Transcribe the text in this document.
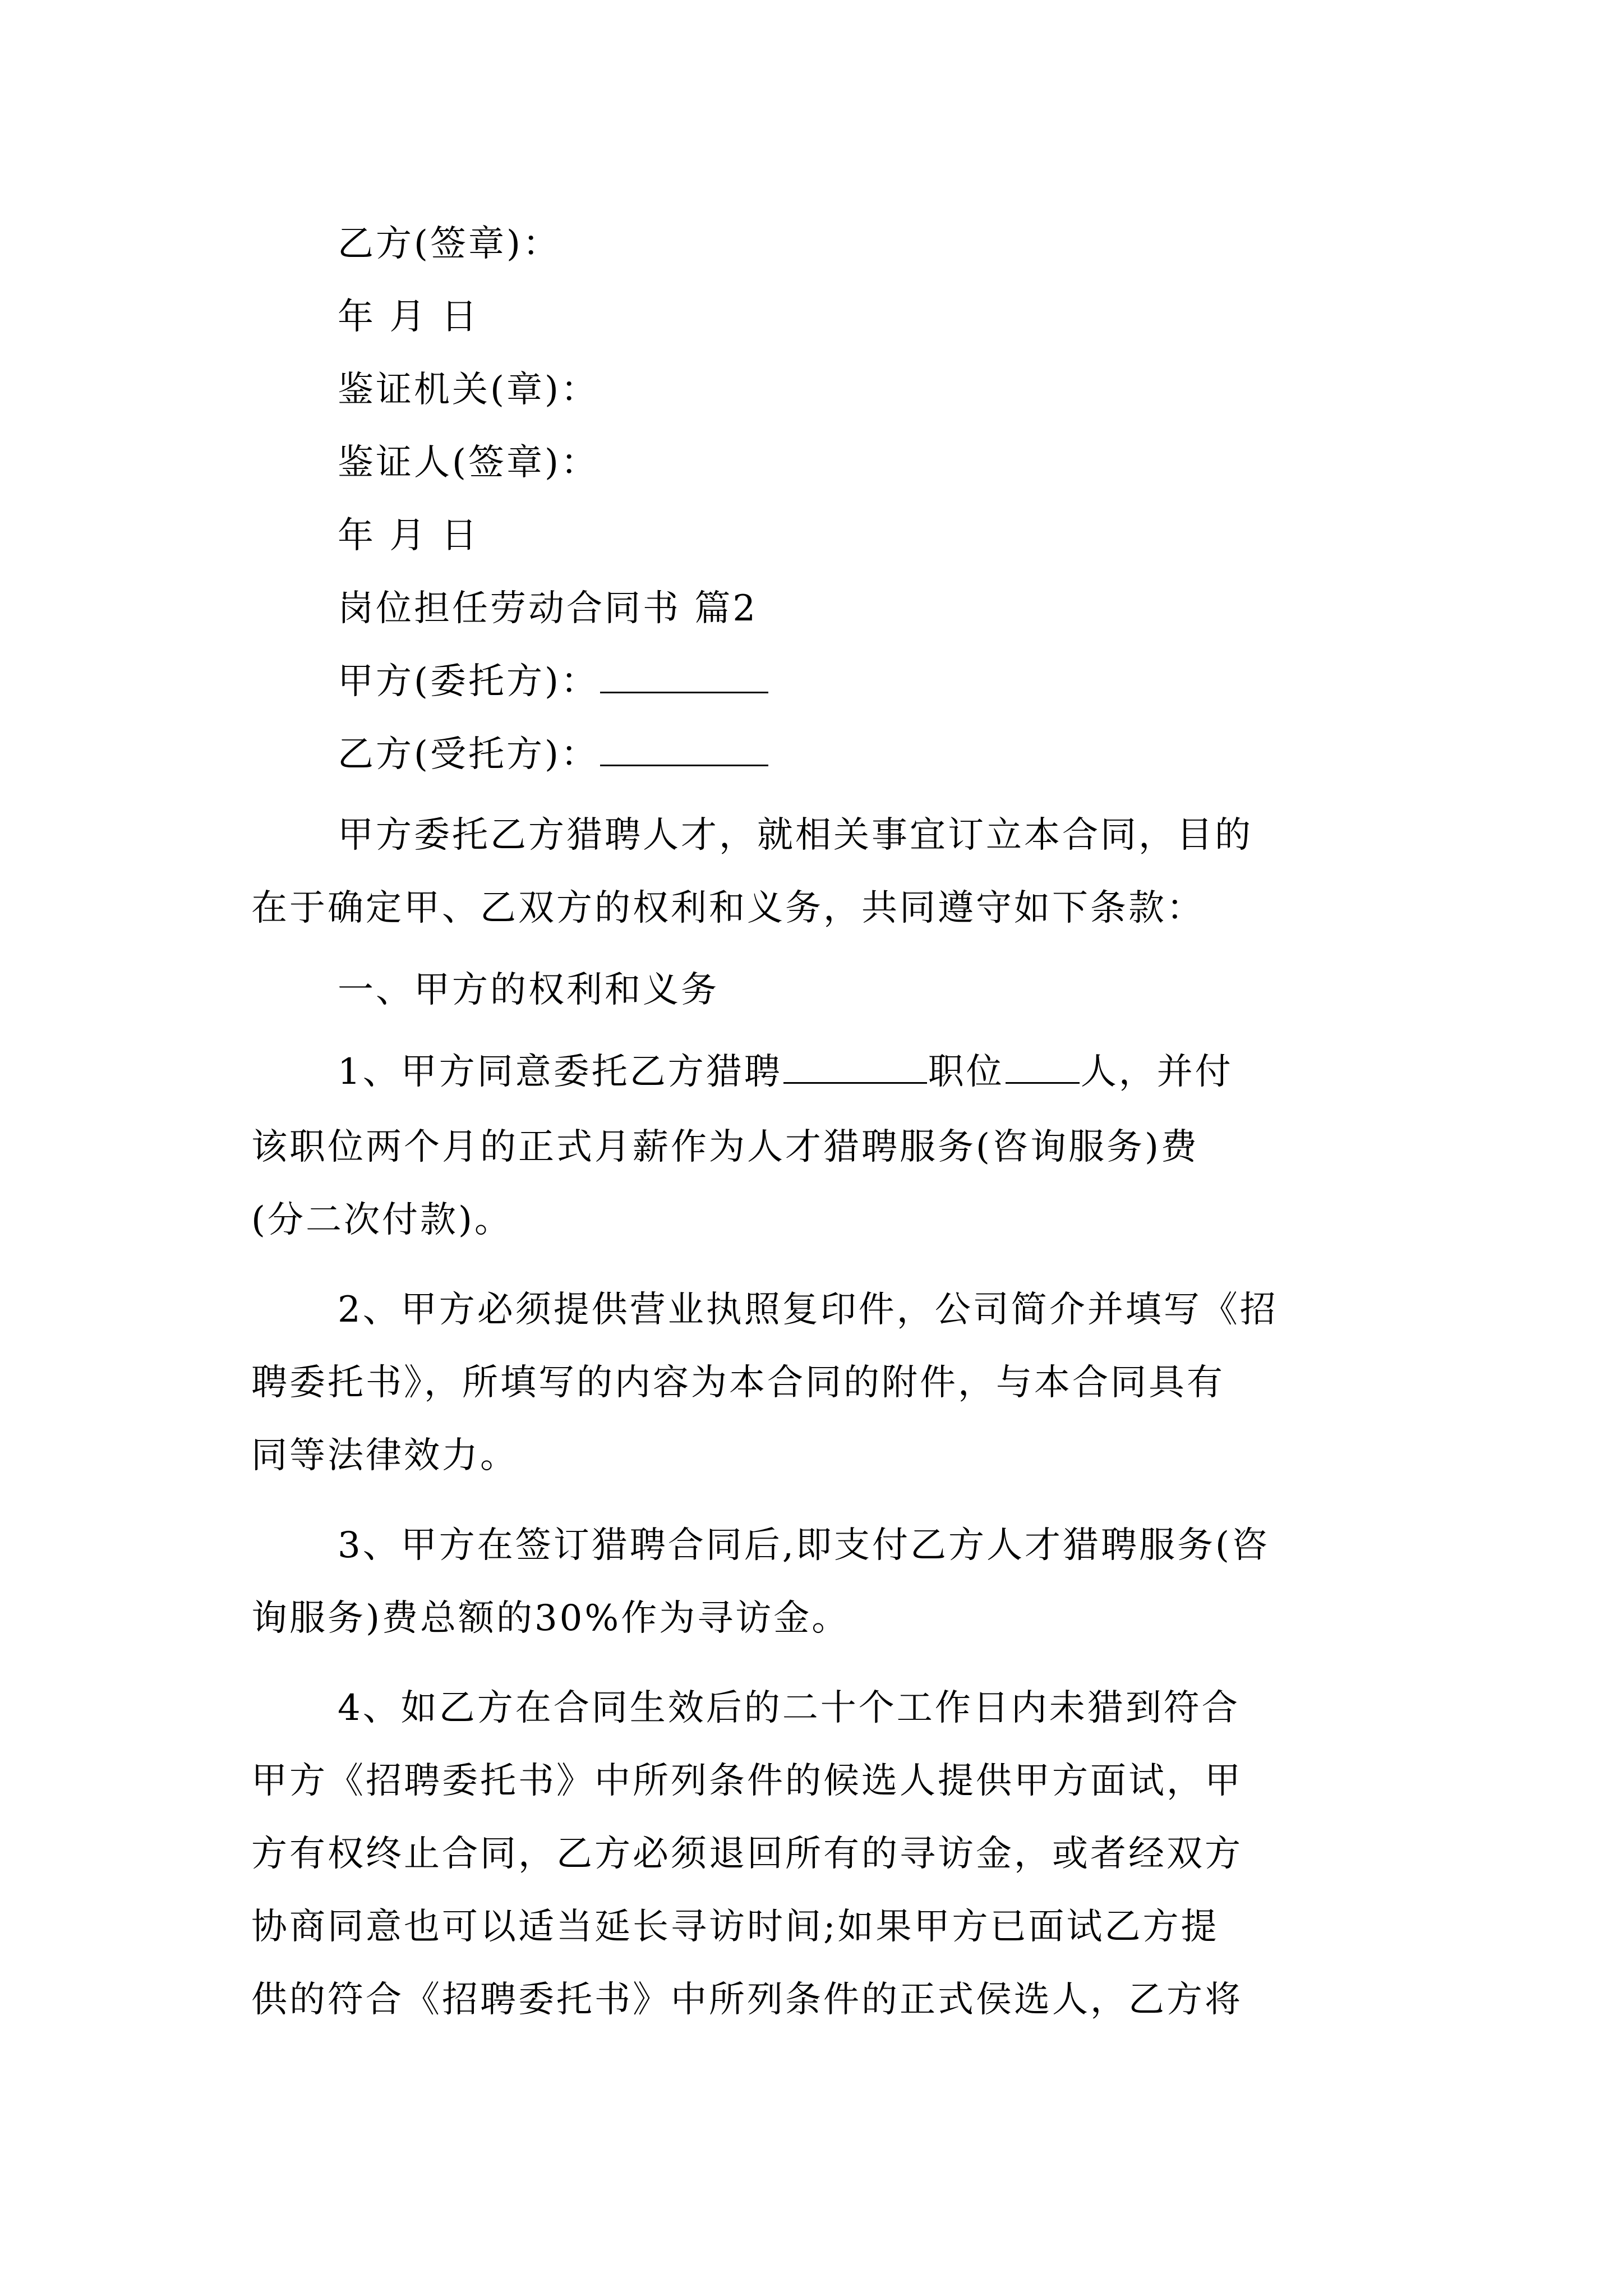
乙方(签章)：
年 月 日
鉴证机关(章)：
鉴证人(签章)：
年 月 日
岗位担任劳动合同书 篇2
甲方(委托方)：
乙方(受托方)：
甲方委托乙方猎聘人才，就相关事宜订立本合同，目的
在于确定甲、乙双方的权利和义务，共同遵守如下条款：
一、甲方的权利和义务
1、甲方同意委托乙方猎聘	职位 人，并付
该职位两个月的正式月薪作为人才猎聘服务(咨询服务)费
(分二次付款)。
2、甲方必须提供营业执照复印件，公司简介并填写《招
聘委托书》，所填写的内容为本合同的附件，与本合同具有
同等法律效力。
3、甲方在签订猎聘合同后,即支付乙方人才猎聘服务(咨
询服务)费总额的30%作为寻访金。
4、如乙方在合同生效后的二十个工作日内未猎到符合
甲方《招聘委托书》中所列条件的候选人提供甲方面试，甲
方有权终止合同，乙方必须退回所有的寻访金，或者经双方
协商同意也可以适当延长寻访时间;如果甲方已面试乙方提
供的符合《招聘委托书》中所列条件的正式侯选人，乙方将
